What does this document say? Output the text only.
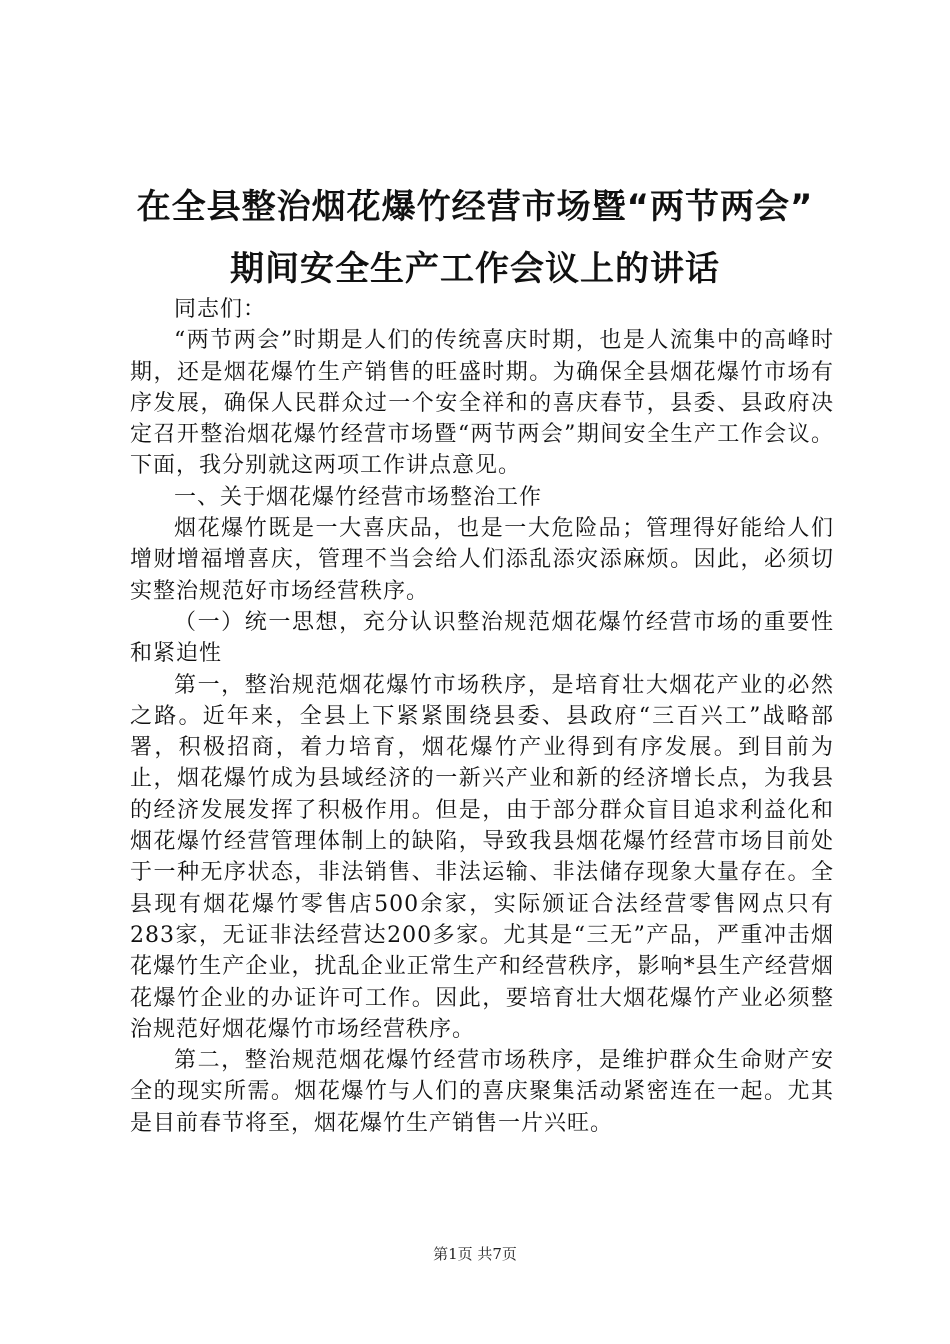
在全县整治烟花爆竹经营市场暨“两节两会”
期间安全生产工作会议上的讲话

同志们：

“两节两会”时期是人们的传统喜庆时期，也是人流集中的高峰时期，还是烟花爆竹生产销售的旺盛时期。为确保全县烟花爆竹市场有序发展，确保人民群众过一个安全祥和的喜庆春节，县委、县政府决定召开整治烟花爆竹经营市场暨“两节两会”期间安全生产工作会议。下面，我分别就这两项工作讲点意见。

一、关于烟花爆竹经营市场整治工作

烟花爆竹既是一大喜庆品，也是一大危险品；管理得好能给人们增财增福增喜庆，管理不当会给人们添乱添灾添麻烦。因此，必须切实整治规范好市场经营秩序。

（一）统一思想，充分认识整治规范烟花爆竹经营市场的重要性和紧迫性

第一，整治规范烟花爆竹市场秩序，是培育壮大烟花产业的必然之路。近年来，全县上下紧紧围绕县委、县政府“三百兴工”战略部署，积极招商，着力培育，烟花爆竹产业得到有序发展。到目前为止，烟花爆竹成为县域经济的一新兴产业和新的经济增长点，为我县的经济发展发挥了积极作用。但是，由于部分群众盲目追求利益化和烟花爆竹经营管理体制上的缺陷，导致我县烟花爆竹经营市场目前处于一种无序状态，非法销售、非法运输、非法储存现象大量存在。全县现有烟花爆竹零售店500余家，实际颁证合法经营零售网点只有283家，无证非法经营达200多家。尤其是“三无”产品，严重冲击烟花爆竹生产企业，扰乱企业正常生产和经营秩序，影响*县生产经营烟花爆竹企业的办证许可工作。因此，要培育壮大烟花爆竹产业必须整治规范好烟花爆竹市场经营秩序。

第二，整治规范烟花爆竹经营市场秩序，是维护群众生命财产安全的现实所需。烟花爆竹与人们的喜庆聚集活动紧密连在一起。尤其是目前春节将至，烟花爆竹生产销售一片兴旺。

第1页 共7页
